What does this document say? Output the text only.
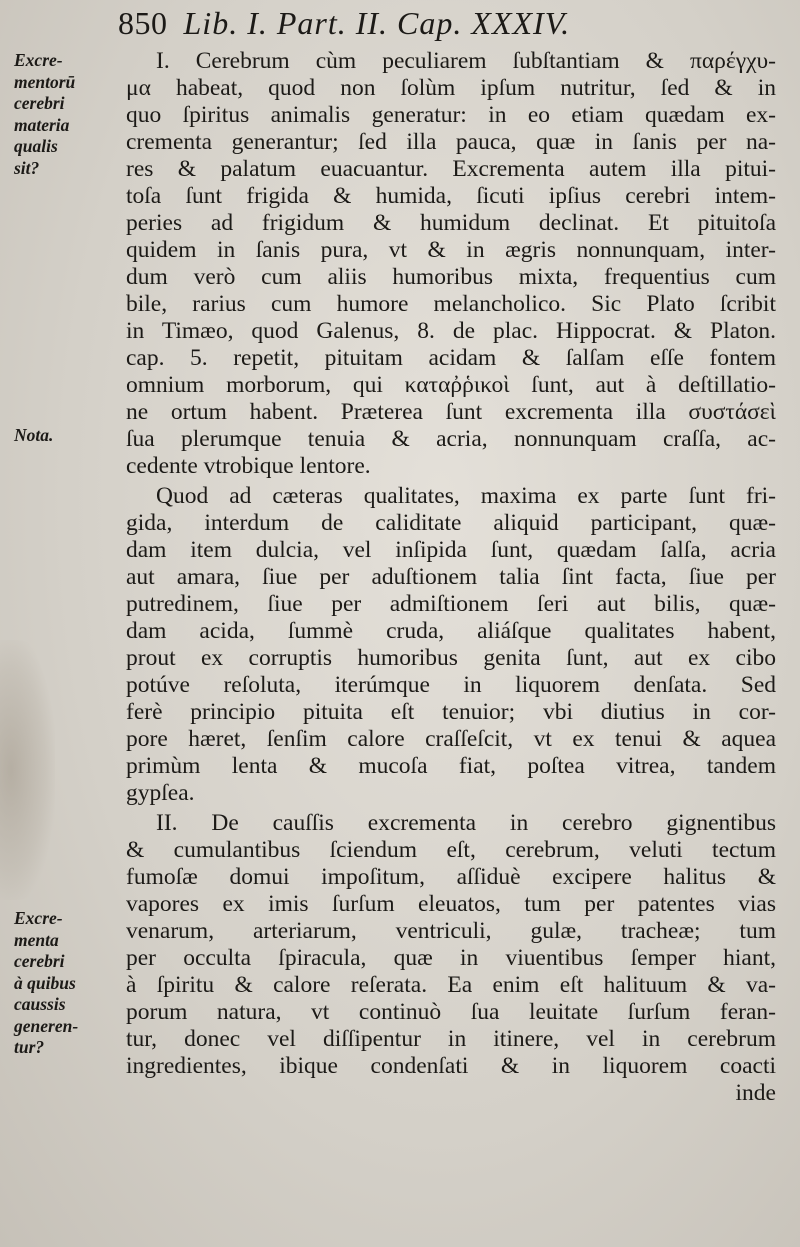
850 Lib. I. Part. II. Cap. XXXIV.
Excre-
mentorū
cerebri
materia
qualis
sit?
Nota.
Excre-
menta
cerebri
à quibus
caussis
generen-
tur?
I. Cerebrum cùm peculiarem ſubſtantiam & παρέγχυ-
μα habeat, quod non ſolùm ipſum nutritur, ſed & in
quo ſpiritus animalis generatur: in eo etiam quædam ex-
crementa generantur; ſed illa pauca, quæ in ſanis per na-
res & palatum euacuantur. Excrementa autem illa pitui-
toſa ſunt frigida & humida, ſicuti ipſius cerebri intem-
peries ad frigidum & humidum declinat. Et pituitoſa
quidem in ſanis pura, vt & in ægris nonnunquam, inter-
dum verò cum aliis humoribus mixta, frequentius cum
bile, rarius cum humore melancholico. Sic Plato ſcribit
in Timæo, quod Galenus, 8. de plac. Hippocrat. & Platon.
cap. 5. repetit, pituitam acidam & ſalſam eſſe fontem
omnium morborum, qui καταῤῥικοὶ ſunt, aut à deſtillatio-
ne ortum habent. Præterea ſunt excrementa illa συστάσεὶ
ſua plerumque tenuia & acria, nonnunquam craſſa, ac-
cedente vtrobique lentore.
Quod ad cæteras qualitates, maxima ex parte ſunt fri-
gida, interdum de caliditate aliquid participant, quæ-
dam item dulcia, vel inſipida ſunt, quædam ſalſa, acria
aut amara, ſiue per aduſtionem talia ſint facta, ſiue per
putredinem, ſiue per admiſtionem ſeri aut bilis, quæ-
dam acida, ſummè cruda, aliáſque qualitates habent,
prout ex corruptis humoribus genita ſunt, aut ex cibo
potúve reſoluta, iterúmque in liquorem denſata. Sed
ferè principio pituita eſt tenuior; vbi diutius in cor-
pore hæret, ſenſim calore craſſeſcit, vt ex tenui & aquea
primùm lenta & mucoſa fiat, poſtea vitrea, tandem
gypſea.
II. De cauſſis excrementa in cerebro gignentibus
& cumulantibus ſciendum eſt, cerebrum, veluti tectum
fumoſæ domui impoſitum, aſſiduè excipere halitus &
vapores ex imis ſurſum eleuatos, tum per patentes vias
venarum, arteriarum, ventriculi, gulæ, tracheæ; tum
per occulta ſpiracula, quæ in viuentibus ſemper hiant,
à ſpiritu & calore reſerata. Ea enim eſt halituum & va-
porum natura, vt continuò ſua leuitate ſurſum feran-
tur, donec vel diſſipentur in itinere, vel in cerebrum
ingredientes, ibique condenſati & in liquorem coacti
inde
